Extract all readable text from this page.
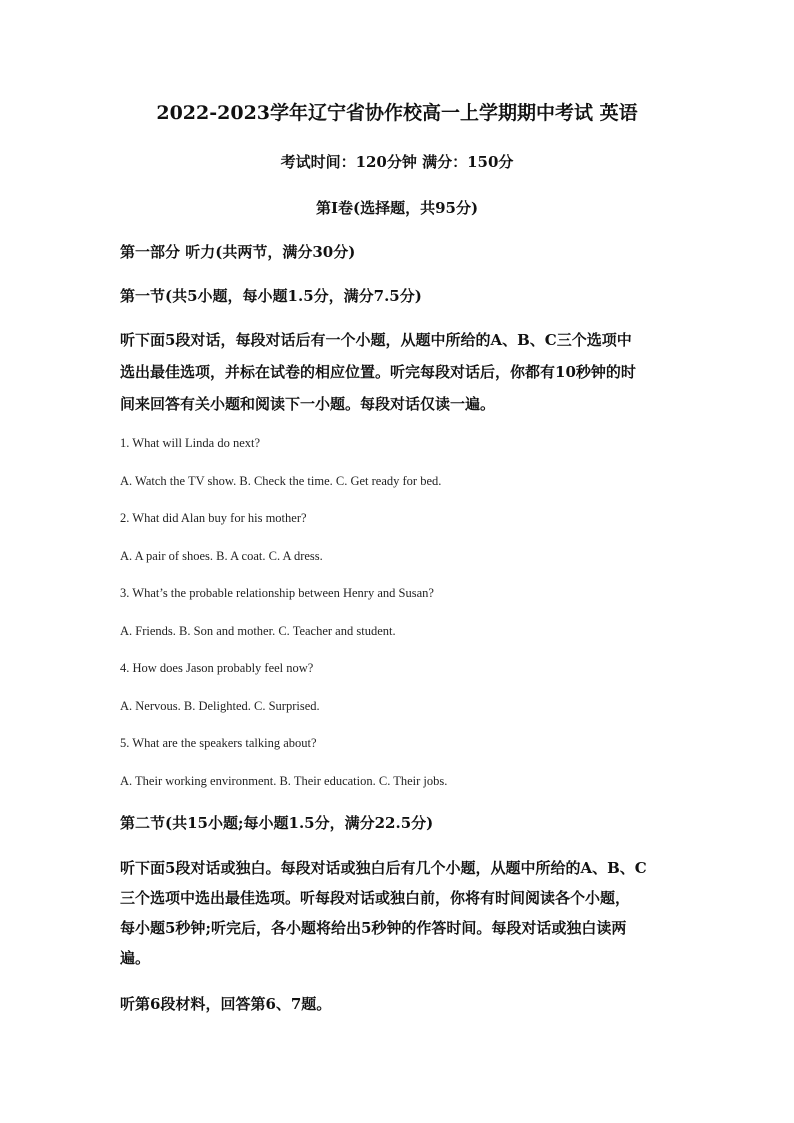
2022-2023学年辽宁省协作校高一上学期期中考试 英语
考试时间：120分钟 满分：150分
第Ⅰ卷(选择题，共95分)
第一部分 听力(共两节，满分30分)
第一节(共5小题，每小题1.5分，满分7.5分)
听下面5段对话，每段对话后有一个小题，从题中所给的A、B、C三个选项中
选出最佳选项，并标在试卷的相应位置。听完每段对话后，你都有10秒钟的时
间来回答有关小题和阅读下一小题。每段对话仅读一遍。
1. What will Linda do next?
A. Watch the TV show. B. Check the time. C. Get ready for bed.
2. What did Alan buy for his mother?
A. A pair of shoes. B. A coat. C. A dress.
3. What’s the probable relationship between Henry and Susan?
A. Friends. B. Son and mother. C. Teacher and student.
4. How does Jason probably feel now?
A. Nervous. B. Delighted. C. Surprised.
5. What are the speakers talking about?
A. Their working environment. B. Their education. C. Their jobs.
第二节(共15小题;每小题1.5分，满分22.5分)
听下面5段对话或独白。每段对话或独白后有几个小题，从题中所给的A、B、C
三个选项中选出最佳选项。听每段对话或独白前，你将有时间阅读各个小题，
每小题5秒钟;听完后，各小题将给出5秒钟的作答时间。每段对话或独白读两
遍。
听第6段材料，回答第6、7题。
